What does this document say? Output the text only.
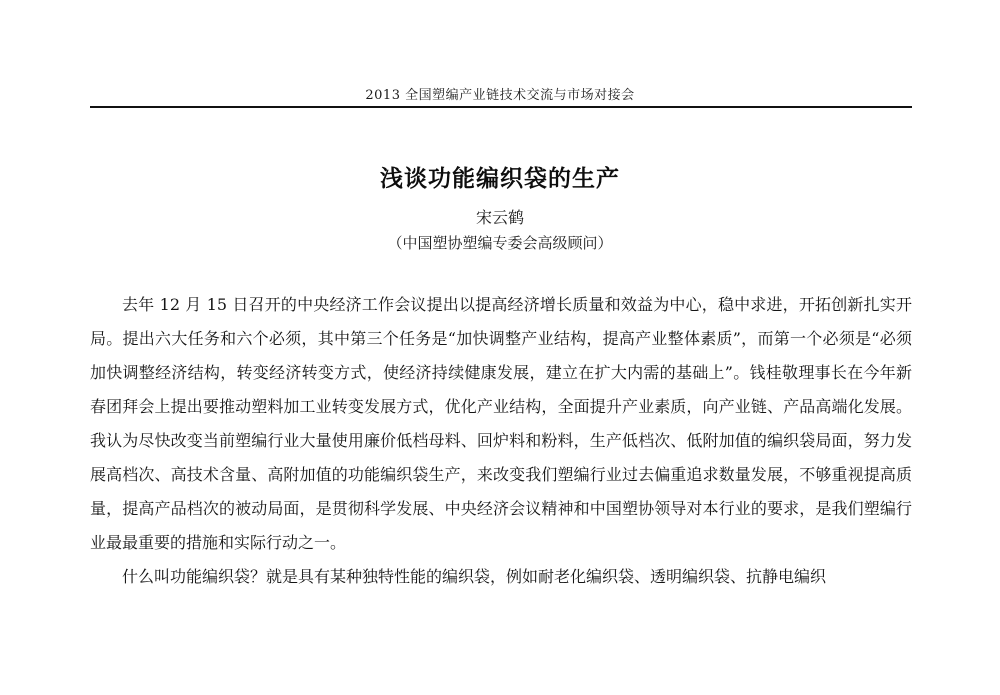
2013 全国塑编产业链技术交流与市场对接会
浅谈功能编织袋的生产
宋云鹤
（中国塑协塑编专委会高级顾问）

去年 12 月 15 日召开的中央经济工作会议提出以提高经济增长质量和效益为中心，稳中求进，开拓创新扎实开局。提出六大任务和六个必须，其中第三个任务是“加快调整产业结构，提高产业整体素质”，而第一个必须是“必须加快调整经济结构，转变经济转变方式，使经济持续健康发展，建立在扩大内需的基础上”。钱桂敬理事长在今年新春团拜会上提出要推动塑料加工业转变发展方式，优化产业结构，全面提升产业素质，向产业链、产品高端化发展。我认为尽快改变当前塑编行业大量使用廉价低档母料、回炉料和粉料，生产低档次、低附加值的编织袋局面，努力发展高档次、高技术含量、高附加值的功能编织袋生产，来改变我们塑编行业过去偏重追求数量发展，不够重视提高质量，提高产品档次的被动局面，是贯彻科学发展、中央经济会议精神和中国塑协领导对本行业的要求，是我们塑编行业最最重要的措施和实际行动之一。

什么叫功能编织袋？就是具有某种独特性能的编织袋，例如耐老化编织袋、透明编织袋、抗静电编织
